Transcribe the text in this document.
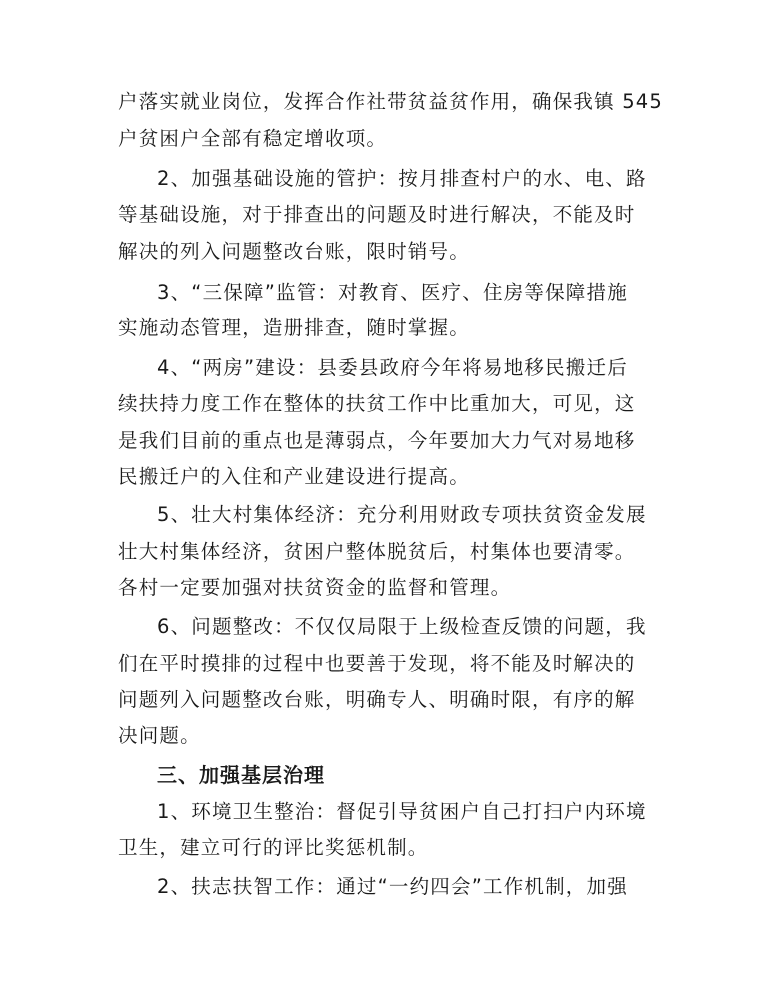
户落实就业岗位，发挥合作社带贫益贫作用，确保我镇 545
户贫困户全部有稳定增收项。
2、加强基础设施的管护：按月排查村户的水、电、路
等基础设施，对于排查出的问题及时进行解决，不能及时
解决的列入问题整改台账，限时销号。
3、“三保障”监管：对教育、医疗、住房等保障措施
实施动态管理，造册排查，随时掌握。
4、“两房”建设：县委县政府今年将易地移民搬迁后
续扶持力度工作在整体的扶贫工作中比重加大，可见，这
是我们目前的重点也是薄弱点，今年要加大力气对易地移
民搬迁户的入住和产业建设进行提高。
5、壮大村集体经济：充分利用财政专项扶贫资金发展
壮大村集体经济，贫困户整体脱贫后，村集体也要清零。
各村一定要加强对扶贫资金的监督和管理。
6、问题整改：不仅仅局限于上级检查反馈的问题，我
们在平时摸排的过程中也要善于发现，将不能及时解决的
问题列入问题整改台账，明确专人、明确时限，有序的解
决问题。
三、加强基层治理
1、环境卫生整治：督促引导贫困户自己打扫户内环境
卫生，建立可行的评比奖惩机制。
2、扶志扶智工作：通过“一约四会”工作机制，加强
